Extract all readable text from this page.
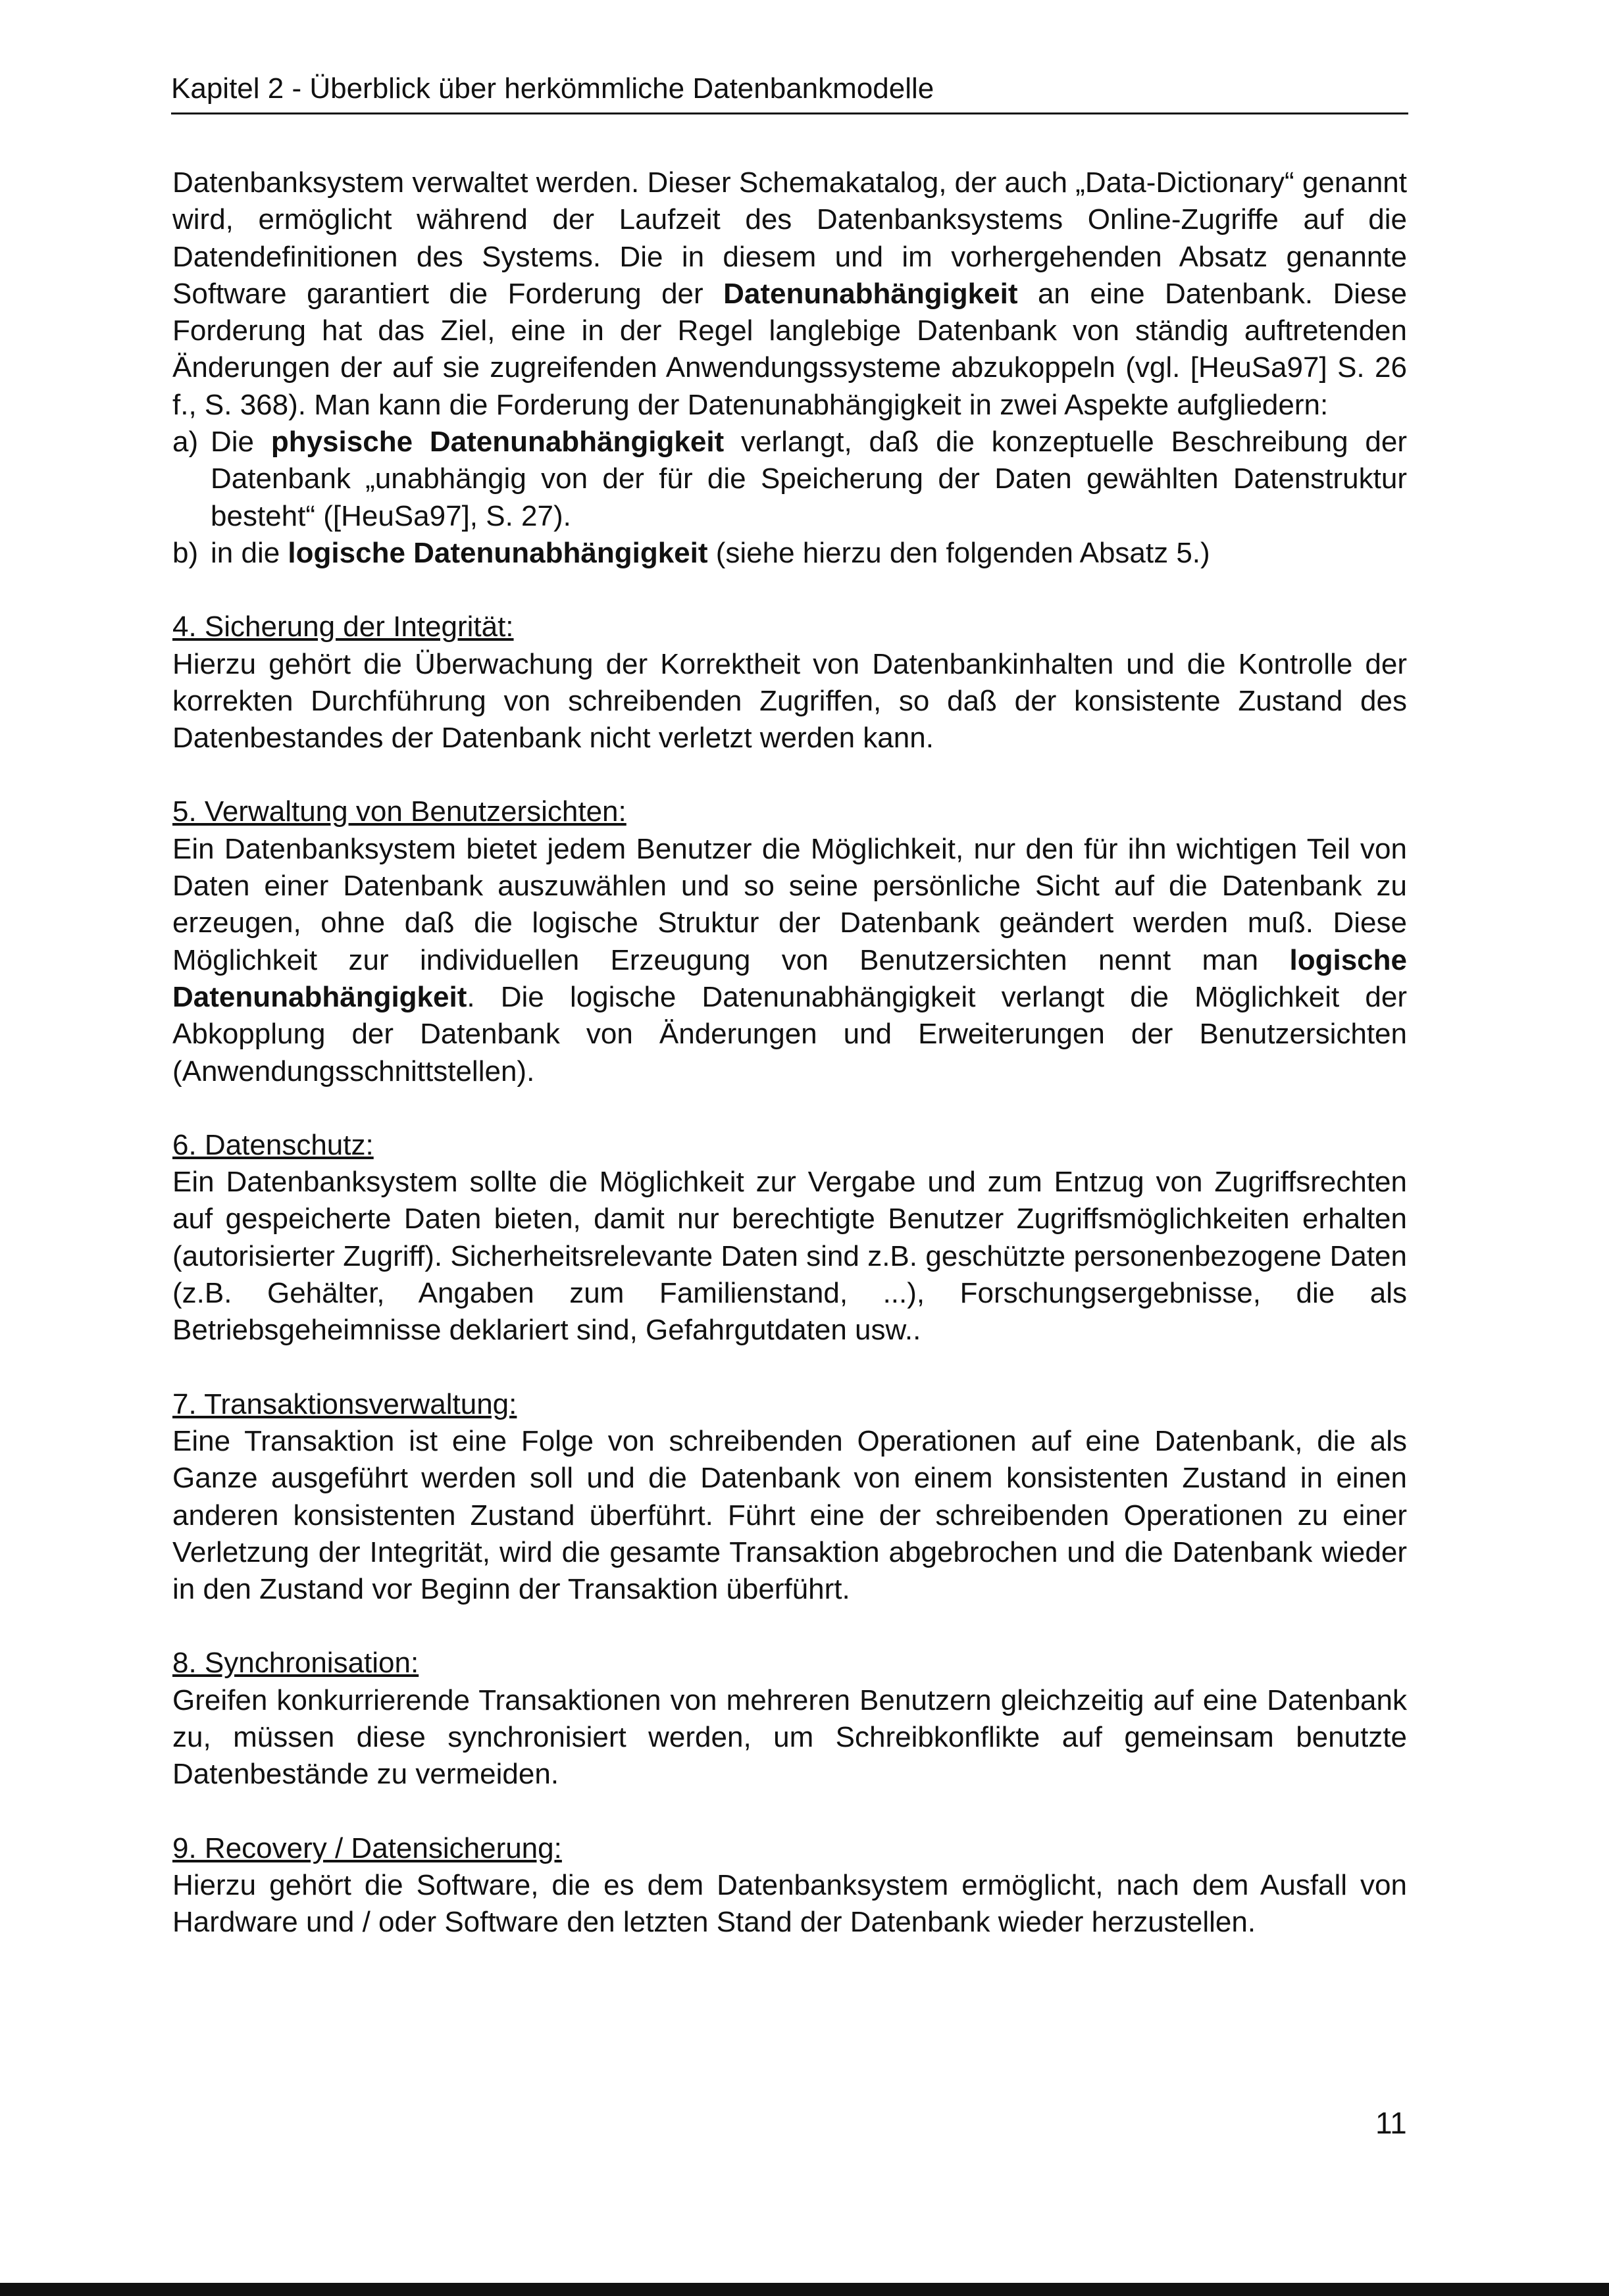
Kapitel 2 - Überblick über herkömmliche Datenbankmodelle

Datenbanksystem verwaltet werden. Dieser Schemakatalog, der auch „Data-Dictionary“ genannt wird, ermöglicht während der Laufzeit des Datenbanksystems Online-Zugriffe auf die Datendefinitionen des Systems. Die in diesem und im vorhergehenden Absatz genannte Software garantiert die Forderung der Datenunabhängigkeit an eine Datenbank. Diese Forderung hat das Ziel, eine in der Regel langlebige Datenbank von ständig auftretenden Änderungen der auf sie zugreifenden Anwendungssysteme abzukoppeln (vgl. [HeuSa97] S. 26 f., S. 368). Man kann die Forderung der Datenunabhängigkeit in zwei Aspekte aufgliedern:

a) Die physische Datenunabhängigkeit verlangt, daß die konzeptuelle Beschreibung der Datenbank „unabhängig von der für die Speicherung der Daten gewählten Datenstruktur besteht“ ([HeuSa97], S. 27).
b) in die logische Datenunabhängigkeit (siehe hierzu den folgenden Absatz 5.)

4. Sicherung der Integrität:

Hierzu gehört die Überwachung der Korrektheit von Datenbankinhalten und die Kontrolle der korrekten Durchführung von schreibenden Zugriffen, so daß der konsistente Zustand des Datenbestandes der Datenbank nicht verletzt werden kann.

5. Verwaltung von Benutzersichten:

Ein Datenbanksystem bietet jedem Benutzer die Möglichkeit, nur den für ihn wichtigen Teil von Daten einer Datenbank auszuwählen und so seine persönliche Sicht auf die Datenbank zu erzeugen, ohne daß die logische Struktur der Datenbank geändert werden muß. Diese Möglichkeit zur individuellen Erzeugung von Benutzersichten nennt man logische Datenunabhängigkeit. Die logische Datenunabhängigkeit verlangt die Möglichkeit der Abkopplung der Datenbank von Änderungen und Erweiterungen der Benutzersichten (Anwendungsschnittstellen).

6. Datenschutz:

Ein Datenbanksystem sollte die Möglichkeit zur Vergabe und zum Entzug von Zugriffsrechten auf gespeicherte Daten bieten, damit nur berechtigte Benutzer Zugriffsmöglichkeiten erhalten (autorisierter Zugriff). Sicherheitsrelevante Daten sind z.B. geschützte personenbezogene Daten (z.B. Gehälter, Angaben zum Familienstand, ...), Forschungsergebnisse, die als Betriebsgeheimnisse deklariert sind, Gefahrgutdaten usw..

7. Transaktionsverwaltung:

Eine Transaktion ist eine Folge von schreibenden Operationen auf eine Datenbank, die als Ganze ausgeführt werden soll und die Datenbank von einem konsistenten Zustand in einen anderen konsistenten Zustand überführt. Führt eine der schreibenden Operationen zu einer Verletzung der Integrität, wird die gesamte Transaktion abgebrochen und die Datenbank wieder in den Zustand vor Beginn der Transaktion überführt.

8. Synchronisation:

Greifen konkurrierende Transaktionen von mehreren Benutzern gleichzeitig auf eine Datenbank zu, müssen diese synchronisiert werden, um Schreibkonflikte auf gemeinsam benutzte Datenbestände zu vermeiden.

9. Recovery / Datensicherung:

Hierzu gehört die Software, die es dem Datenbanksystem ermöglicht, nach dem Ausfall von Hardware und / oder Software den letzten Stand der Datenbank wieder herzustellen.

11
